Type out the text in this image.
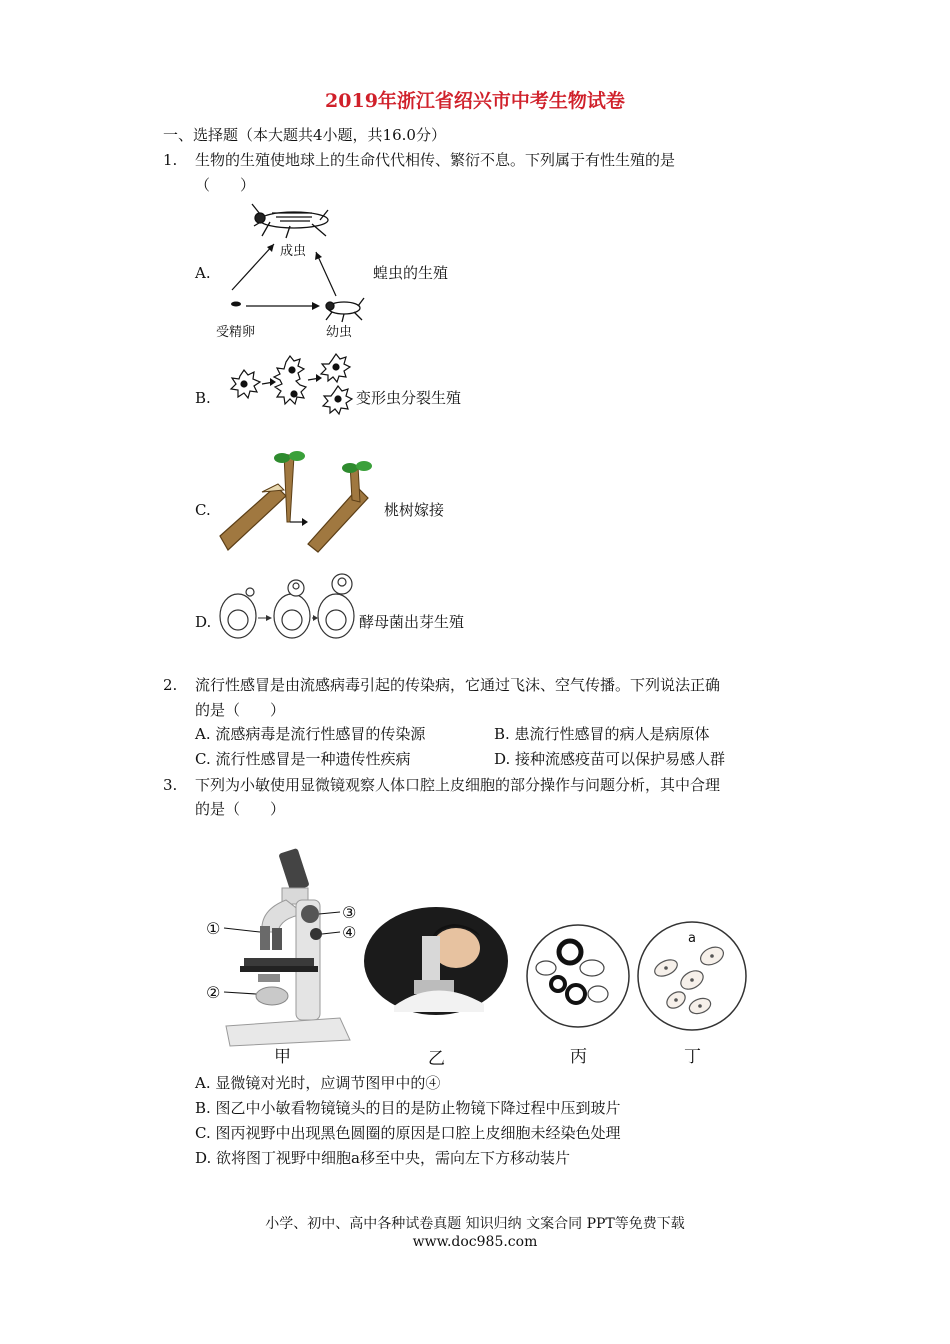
2019年浙江省绍兴市中考生物试卷
一、选择题（本大题共4小题，共16.0分）
1. 生物的生殖使地球上的生命代代相传、繁衍不息。下列属于有性生殖的是
（　　）
A.
成虫
受精卵	幼虫
蝗虫的生殖
B.	变形虫分裂生殖
C.	桃树嫁接
D.	酵母菌出芽生殖
2. 流行性感冒是由流感病毒引起的传染病，它通过飞沫、空气传播。下列说法正确
的是（　　）
A. 流感病毒是流行性感冒的传染源	B. 患流行性感冒的病人是病原体
C. 流行性感冒是一种遗传性疾病	D. 接种流感疫苗可以保护易感人群
3. 下列为小敏使用显微镜观察人体口腔上皮细胞的部分操作与问题分析，其中合理
的是（　　）
①
②
③
④
甲	乙	丙
a
丁
A. 显微镜对光时，应调节图甲中的④
B. 图乙中小敏看物镜镜头的目的是防止物镜下降过程中压到玻片
C. 图丙视野中出现黑色圆圈的原因是口腔上皮细胞未经染色处理
D. 欲将图丁视野中细胞a移至中央，需向左下方移动装片
小学、初中、高中各种试卷真题 知识归纳 文案合同 PPT等免费下载
www.doc985.com
